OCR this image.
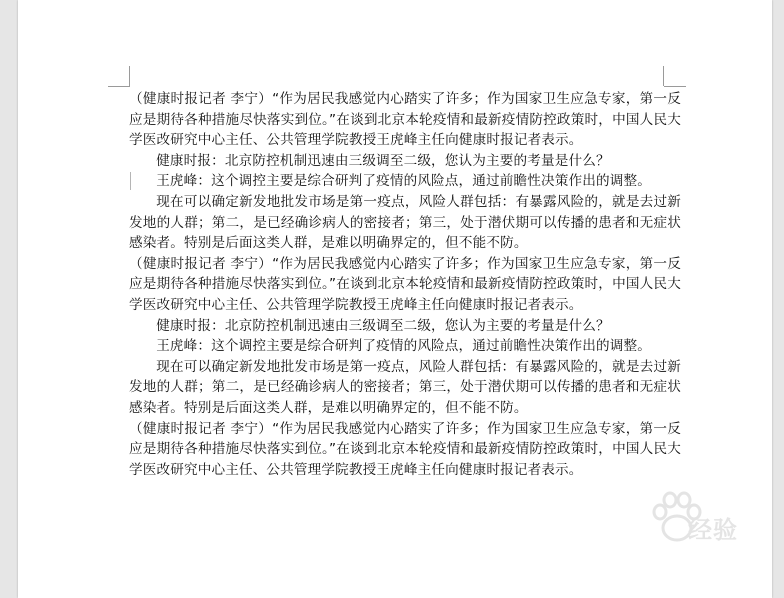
（健康时报记者 李宁）“作为居民我感觉内心踏实了许多；作为国家卫生应急专家，第一反应是期待各种措施尽快落实到位。”在谈到北京本轮疫情和最新疫情防控政策时，中国人民大学医改研究中心主任、公共管理学院教授王虎峰主任向健康时报记者表示。

健康时报：北京防控机制迅速由三级调至二级，您认为主要的考量是什么？

王虎峰：这个调控主要是综合研判了疫情的风险点，通过前瞻性决策作出的调整。

现在可以确定新发地批发市场是第一疫点，风险人群包括：有暴露风险的，就是去过新发地的人群；第二，是已经确诊病人的密接者；第三，处于潜伏期可以传播的患者和无症状感染者。特别是后面这类人群，是难以明确界定的，但不能不防。

（健康时报记者 李宁）“作为居民我感觉内心踏实了许多；作为国家卫生应急专家，第一反应是期待各种措施尽快落实到位。”在谈到北京本轮疫情和最新疫情防控政策时，中国人民大学医改研究中心主任、公共管理学院教授王虎峰主任向健康时报记者表示。

健康时报：北京防控机制迅速由三级调至二级，您认为主要的考量是什么？

王虎峰：这个调控主要是综合研判了疫情的风险点，通过前瞻性决策作出的调整。

现在可以确定新发地批发市场是第一疫点，风险人群包括：有暴露风险的，就是去过新发地的人群；第二，是已经确诊病人的密接者；第三，处于潜伏期可以传播的患者和无症状感染者。特别是后面这类人群，是难以明确界定的，但不能不防。

（健康时报记者 李宁）“作为居民我感觉内心踏实了许多；作为国家卫生应急专家，第一反应是期待各种措施尽快落实到位。”在谈到北京本轮疫情和最新疫情防控政策时，中国人民大学医改研究中心主任、公共管理学院教授王虎峰主任向健康时报记者表示。

经验
